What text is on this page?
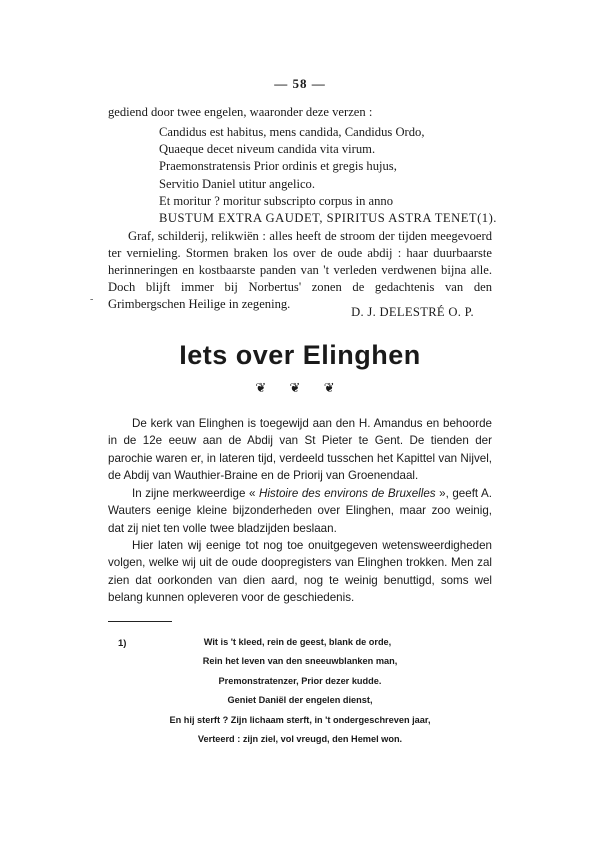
— 58 —
gediend door twee engelen, waaronder deze verzen :
Candidus est habitus, mens candida, Candidus Ordo,
Quaeque decet niveum candida vita virum.
Praemonstratensis Prior ordinis et gregis hujus,
Servitio Daniel utitur angelico.
Et moritur ? moritur subscripto corpus in anno
BUSTUM EXTRA GAUDET, SPIRITUS ASTRA TENET(1).
Graf, schilderij, relikwiën : alles heeft de stroom der tijden meegevoerd ter vernieling. Stormen braken los over de oude abdij : haar duurbaarste herinneringen en kostbaarste panden van 't verleden verdwenen bijna alle. Doch blijft immer bij Norbertus' zonen de gedachtenis van den Grimbergschen Heilige in zegening.
-
D. J. DELESTRÉ O. P.
Iets over Elinghen
❦ ❦ ❦
De kerk van Elinghen is toegewijd aan den H. Amandus en behoorde in de 12e eeuw aan de Abdij van St Pieter te Gent. De tienden der parochie waren er, in lateren tijd, verdeeld tusschen het Kapittel van Nijvel, de Abdij van Wauthier-Braine en de Priorij van Groenendaal.
In zijne merkweerdige « Histoire des environs de Bruxelles », geeft A. Wauters eenige kleine bijzonderheden over Elinghen, maar zoo weinig, dat zij niet ten volle twee bladzijden beslaan.
Hier laten wij eenige tot nog toe onuitgegeven wetensweerdigheden volgen, welke wij uit de oude doopregisters van Elinghen trokken. Men zal zien dat oorkonden van dien aard, nog te weinig benuttigd, soms wel belang kunnen opleveren voor de geschiedenis.
1)	Wit is 't kleed, rein de geest, blank de orde,
Rein het leven van den sneeuwblanken man,
Premonstratenzer, Prior dezer kudde.
Geniet Daniël der engelen dienst,
En hij sterft ? Zijn lichaam sterft, in 't ondergeschreven jaar,
Verteerd : zijn ziel, vol vreugd, den Hemel won.
